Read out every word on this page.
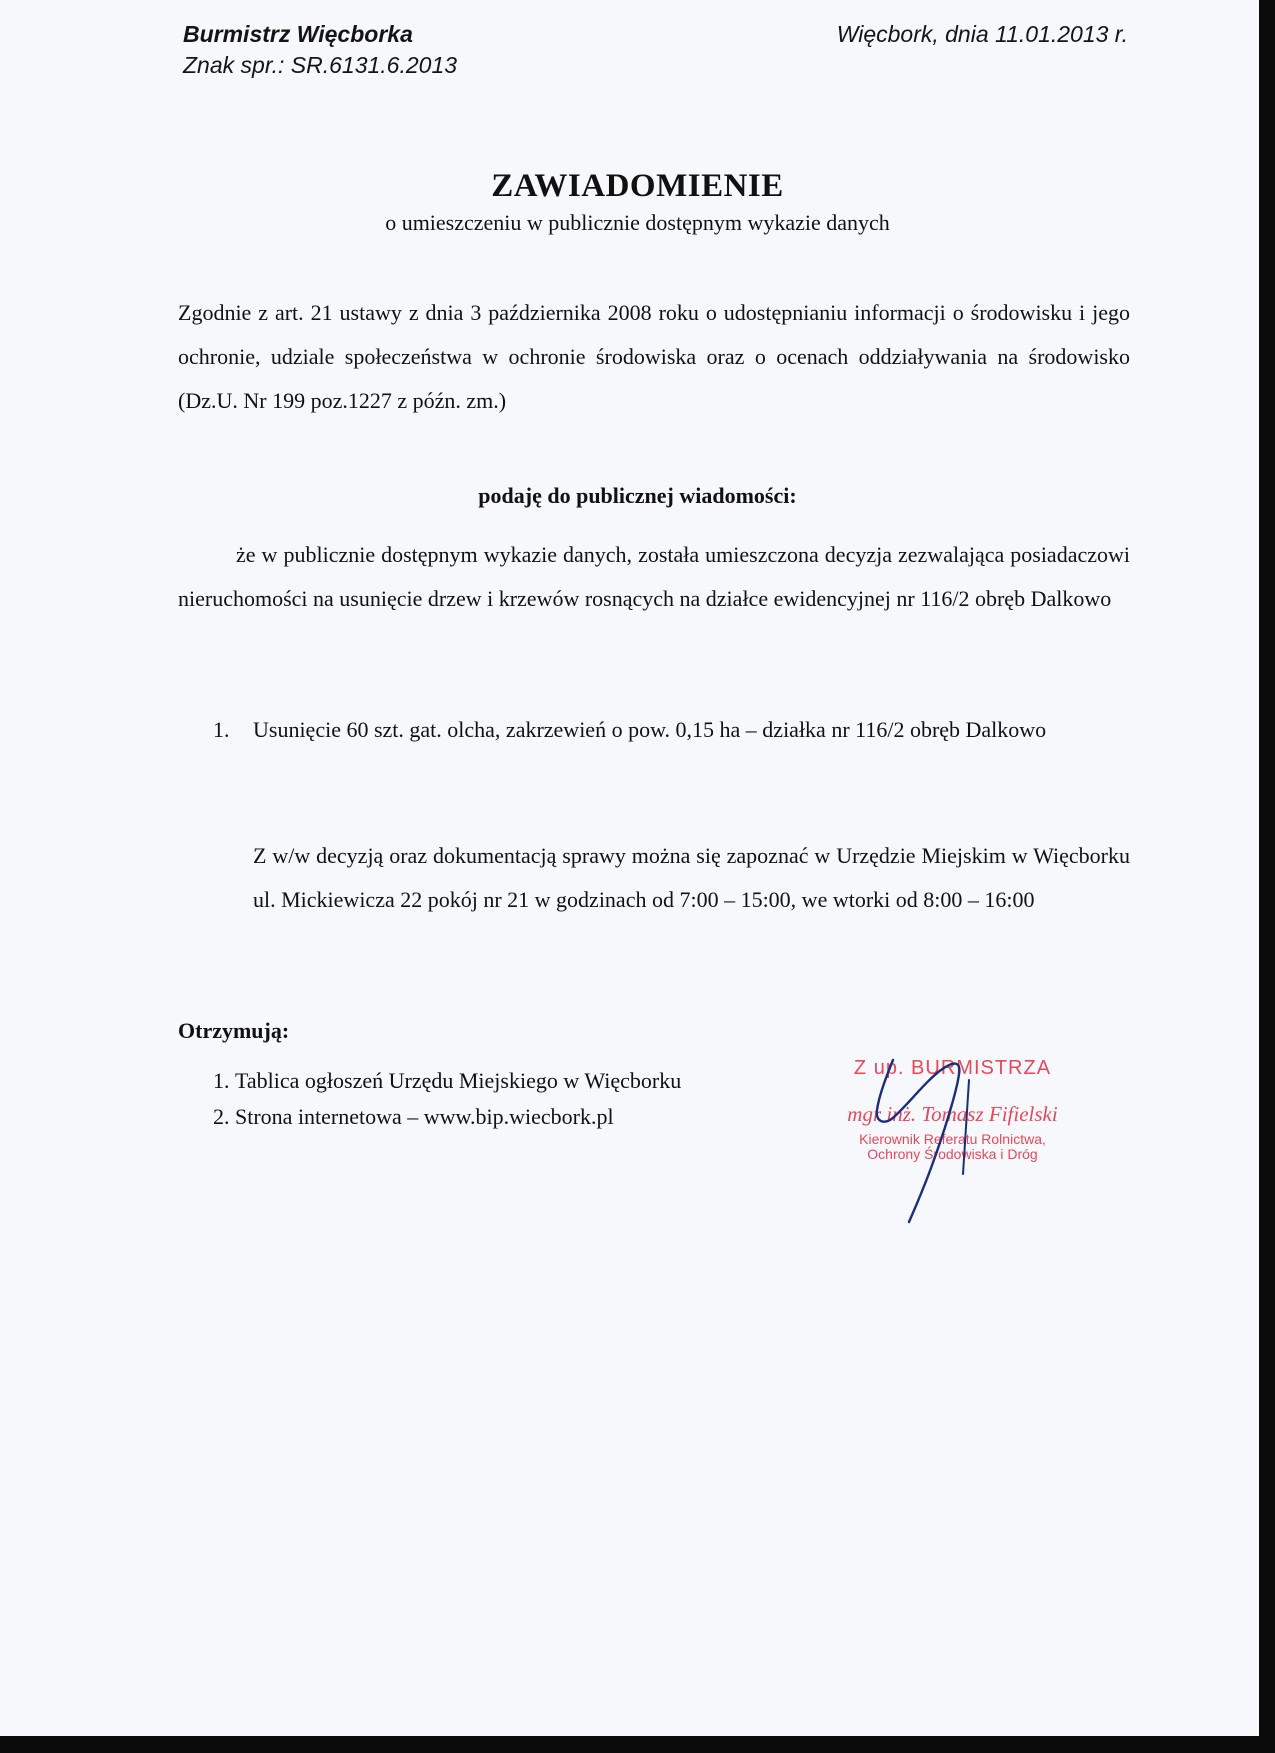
Burmistrz Więcborka
Znak spr.: SR.6131.6.2013
Więcbork, dnia 11.01.2013 r.
ZAWIADOMIENIE
o umieszczeniu w publicznie dostępnym wykazie danych
Zgodnie z art. 21 ustawy z dnia 3 października 2008 roku o udostępnianiu informacji o środowisku i jego ochronie, udziale społeczeństwa w ochronie środowiska oraz o ocenach oddziaływania na środowisko (Dz.U. Nr 199 poz.1227 z późn. zm.)
podaję do publicznej wiadomości:
że w publicznie dostępnym wykazie danych, została umieszczona decyzja zezwalająca posiadaczowi nieruchomości na usunięcie drzew i krzewów rosnących na działce ewidencyjnej nr 116/2 obręb Dalkowo
1.	Usunięcie 60 szt. gat. olcha, zakrzewień o pow. 0,15 ha – działka nr 116/2 obręb Dalkowo
Z w/w decyzją oraz dokumentacją sprawy można się zapoznać w Urzędzie Miejskim w Więcborku ul. Mickiewicza 22 pokój nr 21 w godzinach od 7:00 – 15:00, we wtorki od 8:00 – 16:00
Otrzymują:
1. Tablica ogłoszeń Urzędu Miejskiego w Więcborku
2. Strona internetowa – www.bip.wiecbork.pl
Z up. BURMISTRZA
mgr inż. Tomasz Fifielski
Kierownik Referatu Rolnictwa,
Ochrony Środowiska i Dróg
